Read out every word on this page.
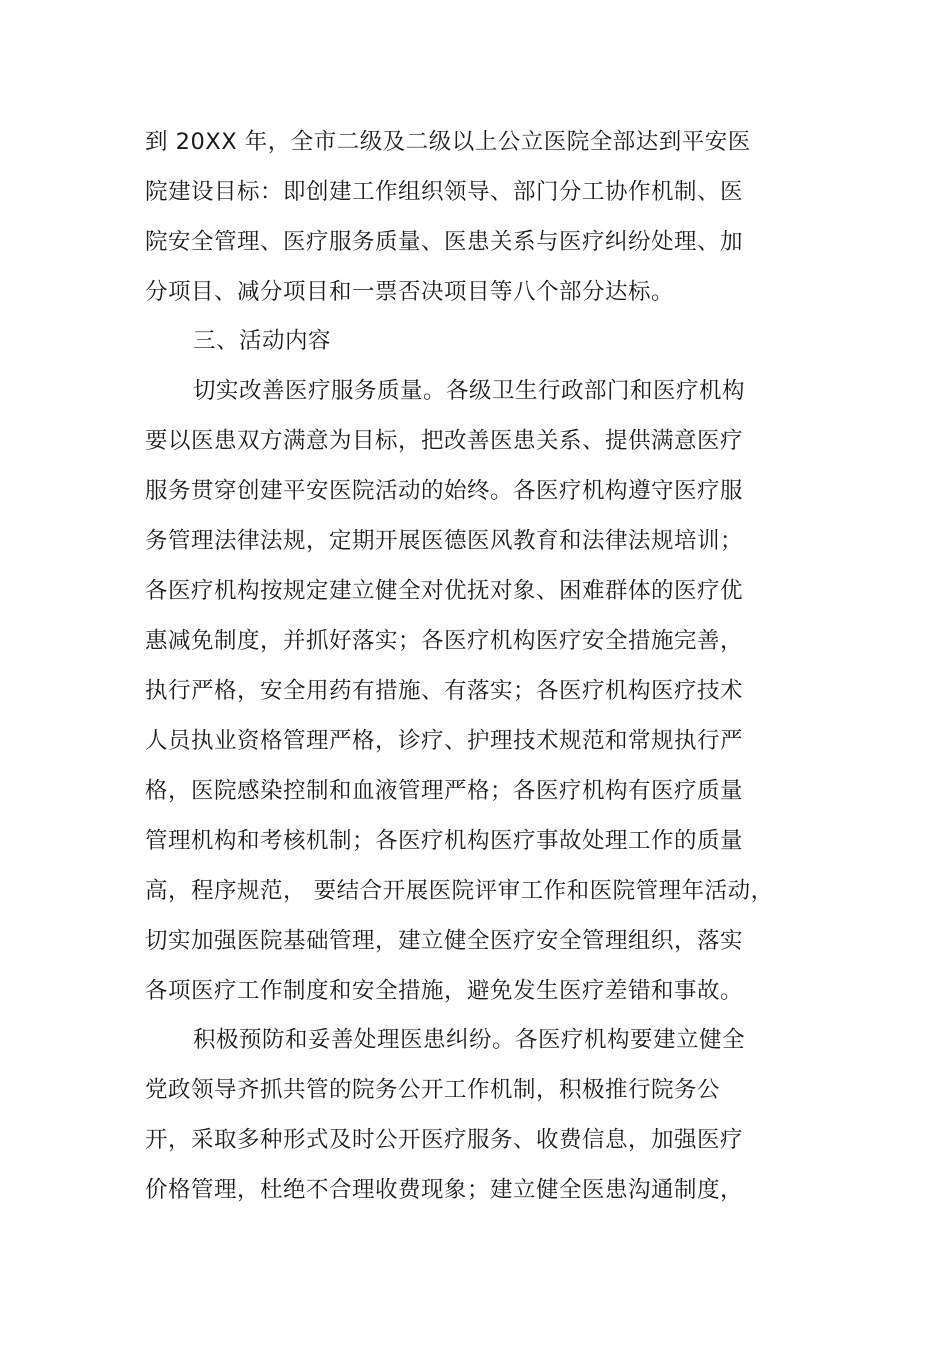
到 20XX 年，全市二级及二级以上公立医院全部达到平安医
院建设目标：即创建工作组织领导、部门分工协作机制、医
院安全管理、医疗服务质量、医患关系与医疗纠纷处理、加
分项目、减分项目和一票否决项目等八个部分达标。
三、活动内容
切实改善医疗服务质量。各级卫生行政部门和医疗机构
要以医患双方满意为目标，把改善医患关系、提供满意医疗
服务贯穿创建平安医院活动的始终。各医疗机构遵守医疗服
务管理法律法规，定期开展医德医风教育和法律法规培训；
各医疗机构按规定建立健全对优抚对象、困难群体的医疗优
惠减免制度，并抓好落实；各医疗机构医疗安全措施完善，
执行严格，安全用药有措施、有落实；各医疗机构医疗技术
人员执业资格管理严格，诊疗、护理技术规范和常规执行严
格，医院感染控制和血液管理严格；各医疗机构有医疗质量
管理机构和考核机制；各医疗机构医疗事故处理工作的质量
高，程序规范， 要结合开展医院评审工作和医院管理年活动，
切实加强医院基础管理，建立健全医疗安全管理组织，落实
各项医疗工作制度和安全措施，避免发生医疗差错和事故。
积极预防和妥善处理医患纠纷。各医疗机构要建立健全
党政领导齐抓共管的院务公开工作机制，积极推行院务公
开，采取多种形式及时公开医疗服务、收费信息，加强医疗
价格管理，杜绝不合理收费现象；建立健全医患沟通制度，
